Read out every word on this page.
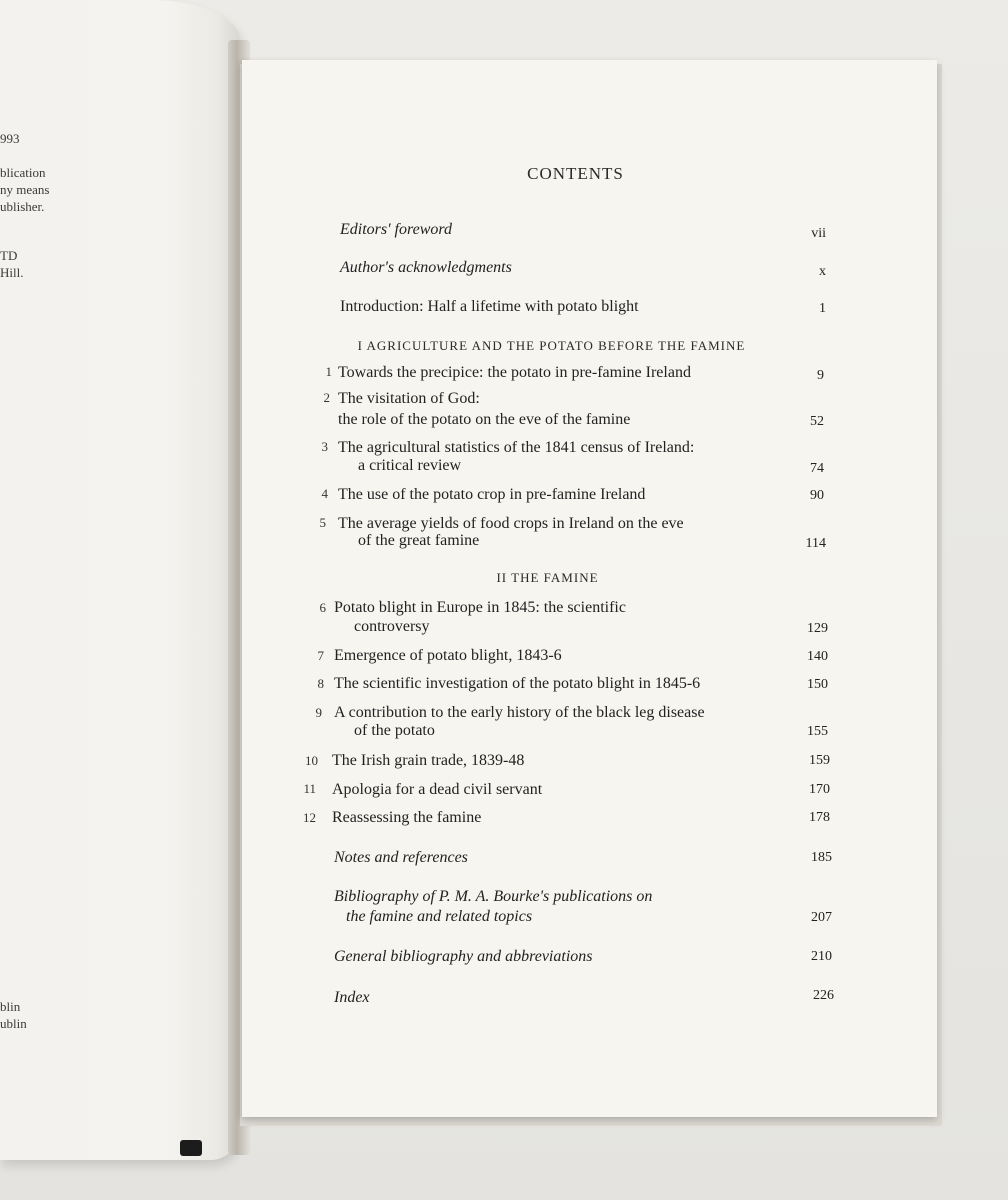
993
blication
ny means
ublisher.
TD
Hill.
blin
ublin
CONTENTS
Editors' foreword	vii
Author's acknowledgments	x
Introduction: Half a lifetime with potato blight	1
I AGRICULTURE AND THE POTATO BEFORE THE FAMINE
1 Towards the precipice: the potato in pre-famine Ireland	9
2 The visitation of God:
the role of the potato on the eve of the famine	52
3 The agricultural statistics of the 1841 census of Ireland:
a critical review	74
4 The use of the potato crop in pre-famine Ireland	90
5 The average yields of food crops in Ireland on the eve
of the great famine	114
II THE FAMINE
6 Potato blight in Europe in 1845: the scientific
controversy	129
7 Emergence of potato blight, 1843-6	140
8 The scientific investigation of the potato blight in 1845-6	150
9 A contribution to the early history of the black leg disease
of the potato	155
10 The Irish grain trade, 1839-48	159
11 Apologia for a dead civil servant	170
12 Reassessing the famine	178
Notes and references	185
Bibliography of P. M. A. Bourke's publications on
the famine and related topics	207
General bibliography and abbreviations	210
Index	226
